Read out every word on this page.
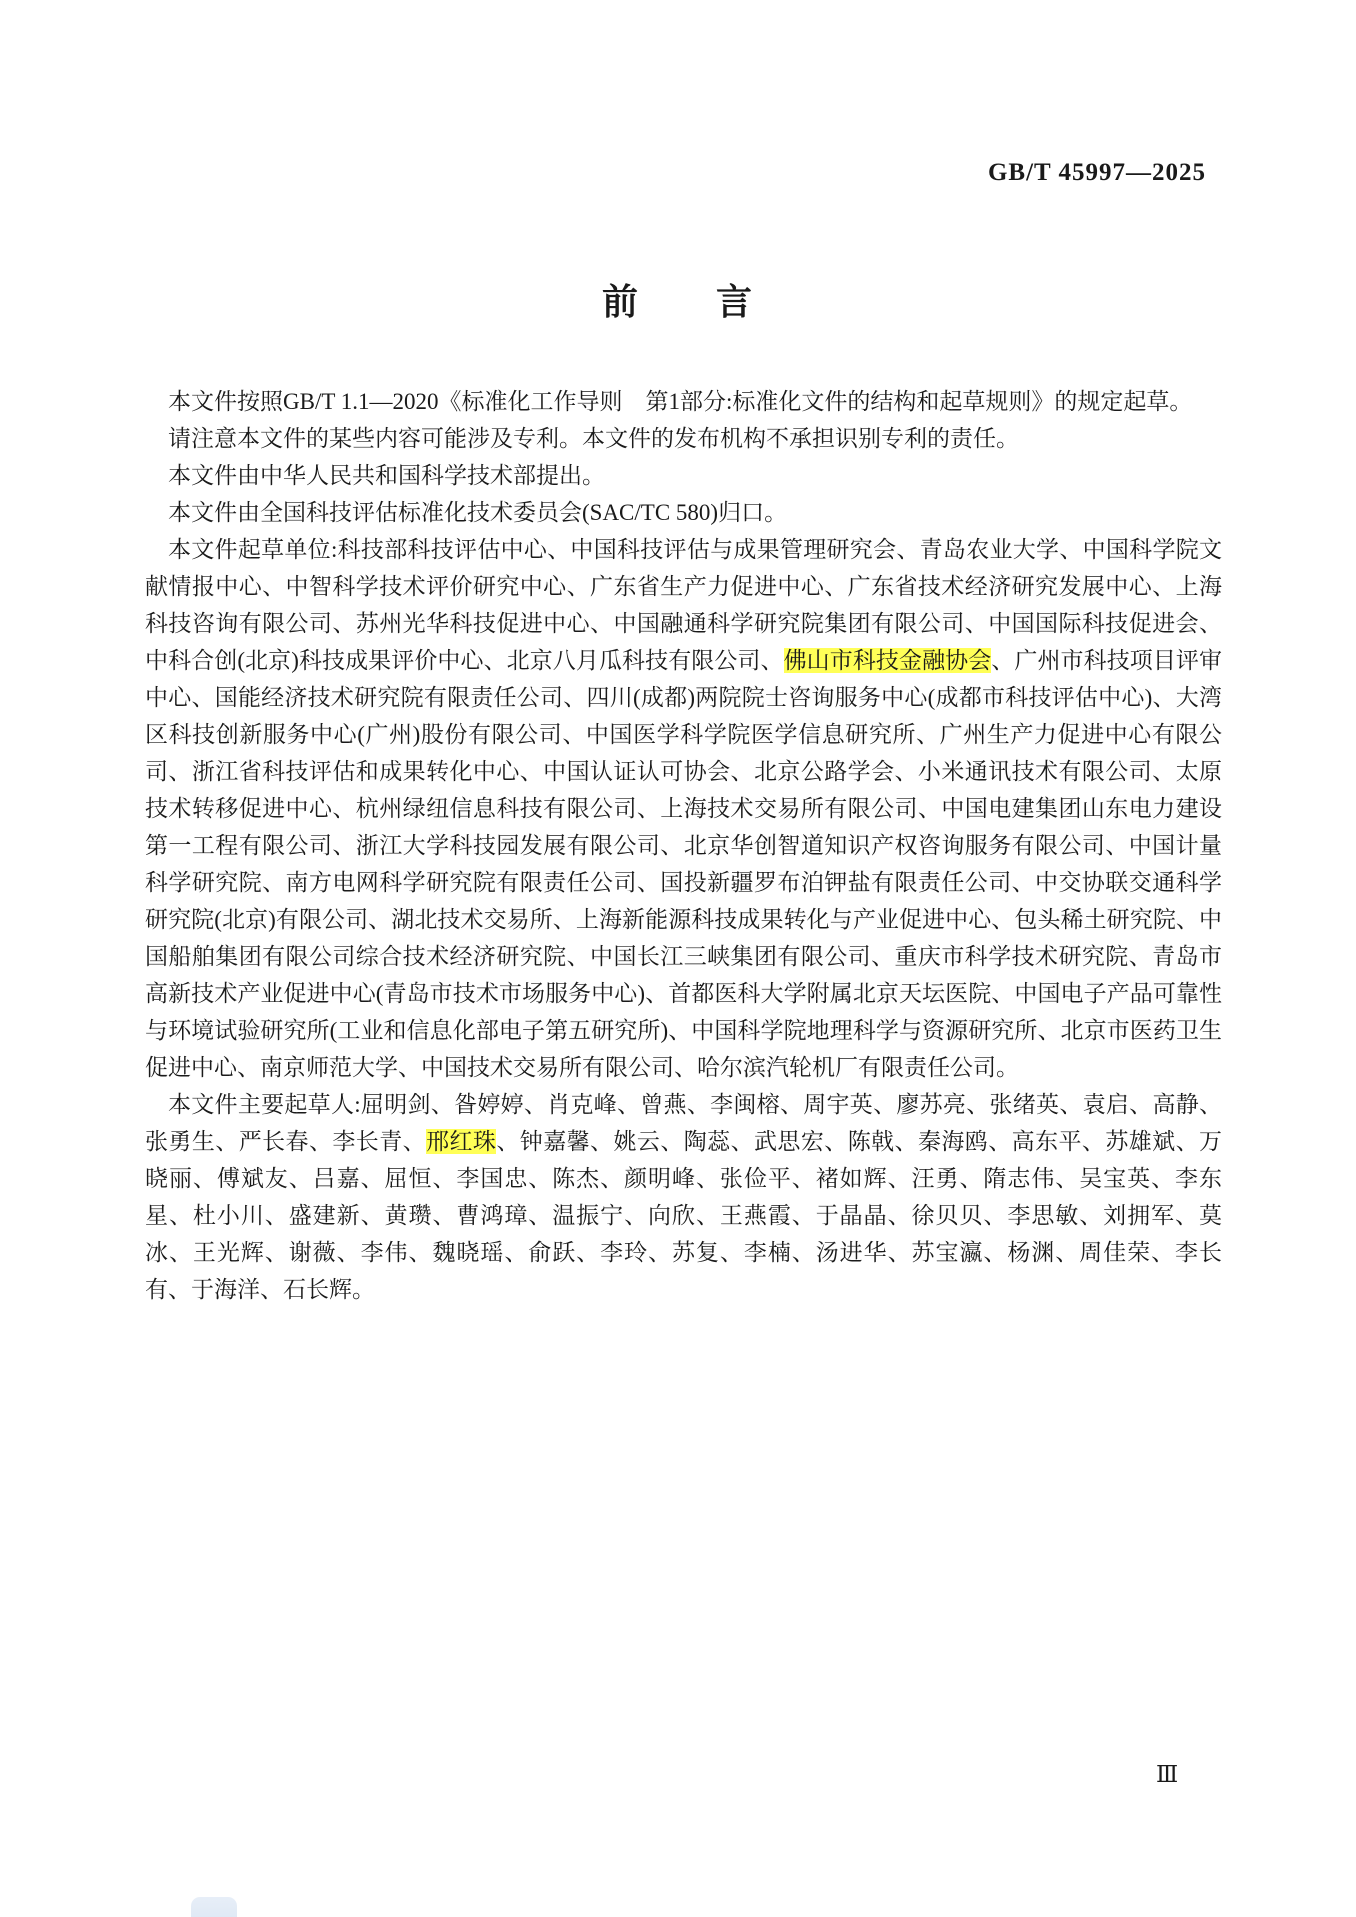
GB/T 45997—2025
前　　言

本文件按照GB/T 1.1—2020《标准化工作导则　第1部分:标准化文件的结构和起草规则》的规定起草。

请注意本文件的某些内容可能涉及专利。本文件的发布机构不承担识别专利的责任。

本文件由中华人民共和国科学技术部提出。

本文件由全国科技评估标准化技术委员会(SAC/TC 580)归口。

本文件起草单位:科技部科技评估中心、中国科技评估与成果管理研究会、青岛农业大学、中国科学院文献情报中心、中智科学技术评价研究中心、广东省生产力促进中心、广东省技术经济研究发展中心、上海科技咨询有限公司、苏州光华科技促进中心、中国融通科学研究院集团有限公司、中国国际科技促进会、中科合创(北京)科技成果评价中心、北京八月瓜科技有限公司、佛山市科技金融协会、广州市科技项目评审中心、国能经济技术研究院有限责任公司、四川(成都)两院院士咨询服务中心(成都市科技评估中心)、大湾区科技创新服务中心(广州)股份有限公司、中国医学科学院医学信息研究所、广州生产力促进中心有限公司、浙江省科技评估和成果转化中心、中国认证认可协会、北京公路学会、小米通讯技术有限公司、太原技术转移促进中心、杭州绿纽信息科技有限公司、上海技术交易所有限公司、中国电建集团山东电力建设第一工程有限公司、浙江大学科技园发展有限公司、北京华创智道知识产权咨询服务有限公司、中国计量科学研究院、南方电网科学研究院有限责任公司、国投新疆罗布泊钾盐有限责任公司、中交协联交通科学研究院(北京)有限公司、湖北技术交易所、上海新能源科技成果转化与产业促进中心、包头稀土研究院、中国船舶集团有限公司综合技术经济研究院、中国长江三峡集团有限公司、重庆市科学技术研究院、青岛市高新技术产业促进中心(青岛市技术市场服务中心)、首都医科大学附属北京天坛医院、中国电子产品可靠性与环境试验研究所(工业和信息化部电子第五研究所)、中国科学院地理科学与资源研究所、北京市医药卫生促进中心、南京师范大学、中国技术交易所有限公司、哈尔滨汽轮机厂有限责任公司。

本文件主要起草人:屈明剑、昝婷婷、肖克峰、曾燕、李闽榕、周宇英、廖苏亮、张绪英、袁启、高静、张勇生、严长春、李长青、邢红珠、钟嘉馨、姚云、陶蕊、武思宏、陈戟、秦海鸥、高东平、苏雄斌、万晓丽、傅斌友、吕嘉、屈恒、李国忠、陈杰、颜明峰、张俭平、褚如辉、汪勇、隋志伟、吴宝英、李东星、杜小川、盛建新、黄瓒、曹鸿璋、温振宁、向欣、王燕霞、于晶晶、徐贝贝、李思敏、刘拥军、莫冰、王光辉、谢薇、李伟、魏晓瑶、俞跃、李玲、苏复、李楠、汤进华、苏宝瀛、杨渊、周佳荣、李长有、于海洋、石长辉。

Ⅲ
